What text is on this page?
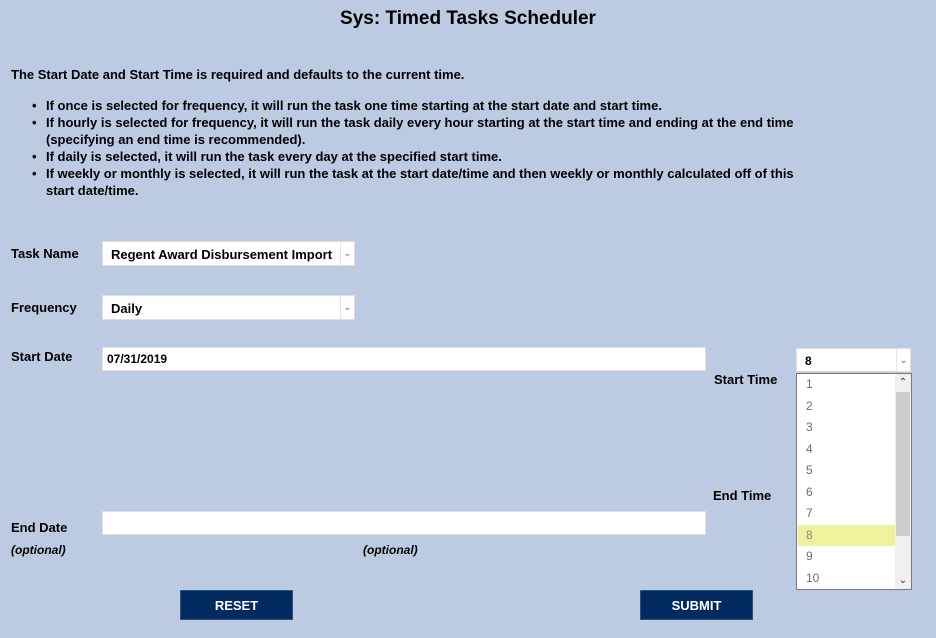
Sys: Timed Tasks Scheduler
The Start Date and Start Time is required and defaults to the current time.
• If once is selected for frequency, it will run the task one time starting at the start date and start time.
• If hourly is selected for frequency, it will run the task daily every hour starting at the start time and ending at the end time (specifying an end time is recommended).
• If daily is selected, it will run the task every day at the specified start time.
• If weekly or monthly is selected, it will run the task at the start date/time and then weekly or monthly calculated off of this start date/time.
Task Name Regent Award Disbursement Import	⌄
Frequency	Daily	⌄
Start Date
07/31/2019
Start Time
8	⌄
1
2
3
4
5
6
7
8
9
10
⌃
⌄
End Time
End Date
(optional)	(optional)
RESET	SUBMIT
